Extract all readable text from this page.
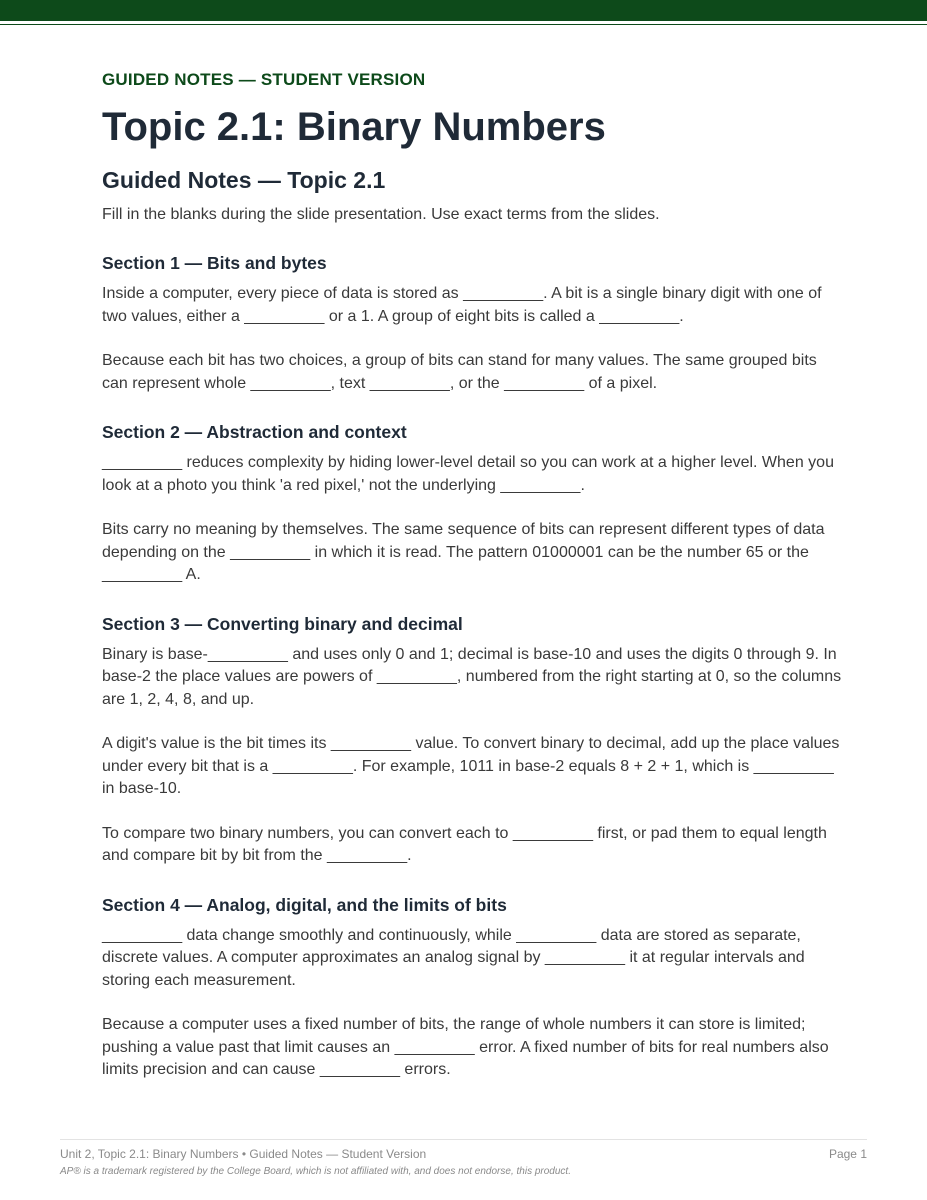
GUIDED NOTES — STUDENT VERSION

Topic 2.1: Binary Numbers
Guided Notes — Topic 2.1

Fill in the blanks during the slide presentation. Use exact terms from the slides.

Section 1 — Bits and bytes

Inside a computer, every piece of data is stored as _________. A bit is a single binary digit with one of two values, either a _________ or a 1. A group of eight bits is called a _________.

Because each bit has two choices, a group of bits can stand for many values. The same grouped bits can represent whole _________, text _________, or the _________ of a pixel.

Section 2 — Abstraction and context

_________ reduces complexity by hiding lower-level detail so you can work at a higher level. When you look at a photo you think 'a red pixel,' not the underlying _________.

Bits carry no meaning by themselves. The same sequence of bits can represent different types of data depending on the _________ in which it is read. The pattern 01000001 can be the number 65 or the _________ A.

Section 3 — Converting binary and decimal

Binary is base-_________ and uses only 0 and 1; decimal is base-10 and uses the digits 0 through 9. In base-2 the place values are powers of _________, numbered from the right starting at 0, so the columns are 1, 2, 4, 8, and up.

A digit's value is the bit times its _________ value. To convert binary to decimal, add up the place values under every bit that is a _________. For example, 1011 in base-2 equals 8 + 2 + 1, which is _________ in base-10.

To compare two binary numbers, you can convert each to _________ first, or pad them to equal length and compare bit by bit from the _________.

Section 4 — Analog, digital, and the limits of bits

_________ data change smoothly and continuously, while _________ data are stored as separate, discrete values. A computer approximates an analog signal by _________ it at regular intervals and storing each measurement.

Because a computer uses a fixed number of bits, the range of whole numbers it can store is limited; pushing a value past that limit causes an _________ error. A fixed number of bits for real numbers also limits precision and can cause _________ errors.

Unit 2, Topic 2.1: Binary Numbers • Guided Notes — Student Version	Page 1
AP® is a trademark registered by the College Board, which is not affiliated with, and does not endorse, this product.
